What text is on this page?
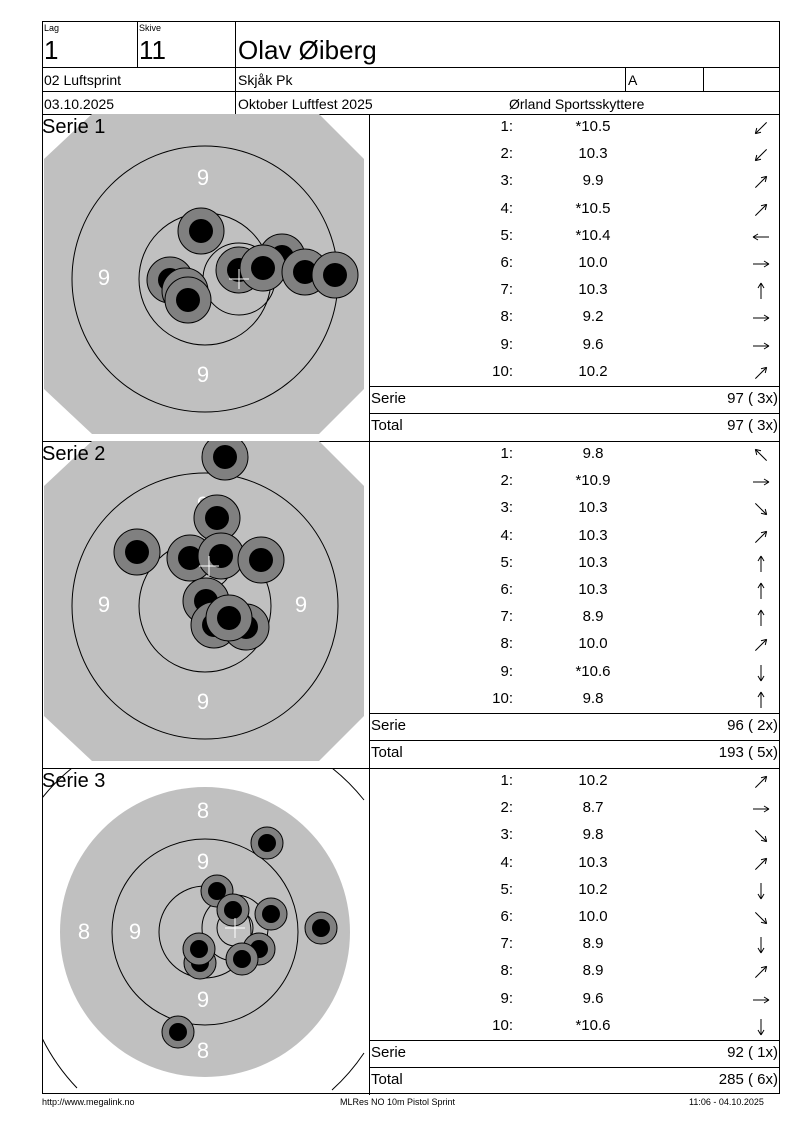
Lag
1
Skive
11	Olav Øiberg
02 Luftsprint	Skjåk Pk	A
03.10.2025	Oktober Luftfest 2025	Ørland Sportsskyttere
9
9
9
Serie 1	1:	*10.5
2:	10.3
3:	9.9
4:	*10.5
5:	*10.4
6:	10.0
7:	10.3
8:	9.2
9:	9.6
10:	10.2
Serie	97 ( 3x)
Total	97 ( 3x)
9	9
9
Serie 2	1:	9.8
2:	*10.9
3:	10.3
4:	10.3
5:	10.3
6:	10.3
7:	8.9
8:	10.0
9:	*10.6
10:	9.8
Serie	96 ( 2x)
Total	193 ( 5x)
8
9
8 9
9
8
Serie 3	1:	10.2
2:	8.7
3:	9.8
4:	10.3
5:	10.2
6:	10.0
7:	8.9
8:	8.9
9:	9.6
10:	*10.6
Serie	92 ( 1x)
Total	285 ( 6x)
http://www.megalink.no	MLRes NO 10m Pistol Sprint	11:06 - 04.10.2025
